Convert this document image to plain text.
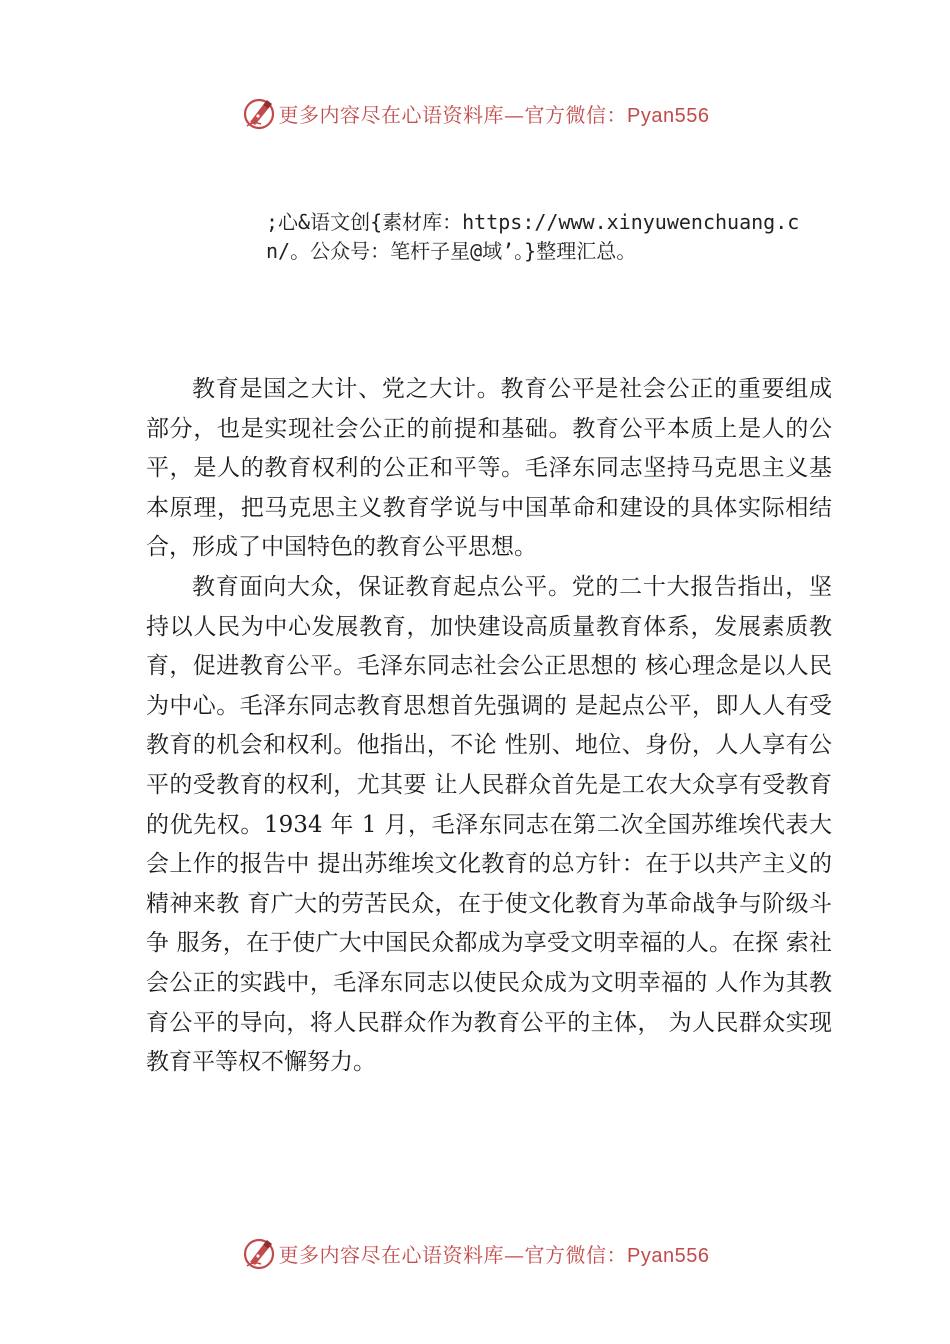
更多内容尽在心语资料库—官方微信：Pyan556
;心&语文创{素材库：https://www.xinyuwenchuang.cn/。公众号：笔杆子星@域’。}整理汇总。

教育是国之大计、党之大计。教育公平是社会公正的重要组成部分，也是实现社会公正的前提和基础。教育公平本质上是人的公平，是人的教育权利的公正和平等。毛泽东同志坚持马克思主义基本原理，把马克思主义教育学说与中国革命和建设的具体实际相结合，形成了中国特色的教育公平思想。

教育面向大众，保证教育起点公平。党的二十大报告指出，坚持以人民为中心发展教育，加快建设高质量教育体系，发展素质教育，促进教育公平。毛泽东同志社会公正思想的 核心理念是以人民为中心。毛泽东同志教育思想首先强调的 是起点公平，即人人有受教育的机会和权利。他指出，不论 性别、地位、身份，人人享有公平的受教育的权利，尤其要 让人民群众首先是工农大众享有受教育的优先权。1934 年 1 月，毛泽东同志在第二次全国苏维埃代表大会上作的报告中 提出苏维埃文化教育的总方针：在于以共产主义的精神来教 育广大的劳苦民众，在于使文化教育为革命战争与阶级斗争 服务，在于使广大中国民众都成为享受文明幸福的人。在探 索社会公正的实践中，毛泽东同志以使民众成为文明幸福的 人作为其教育公平的导向，将人民群众作为教育公平的主体， 为人民群众实现教育平等权不懈努力。

更多内容尽在心语资料库—官方微信：Pyan556
